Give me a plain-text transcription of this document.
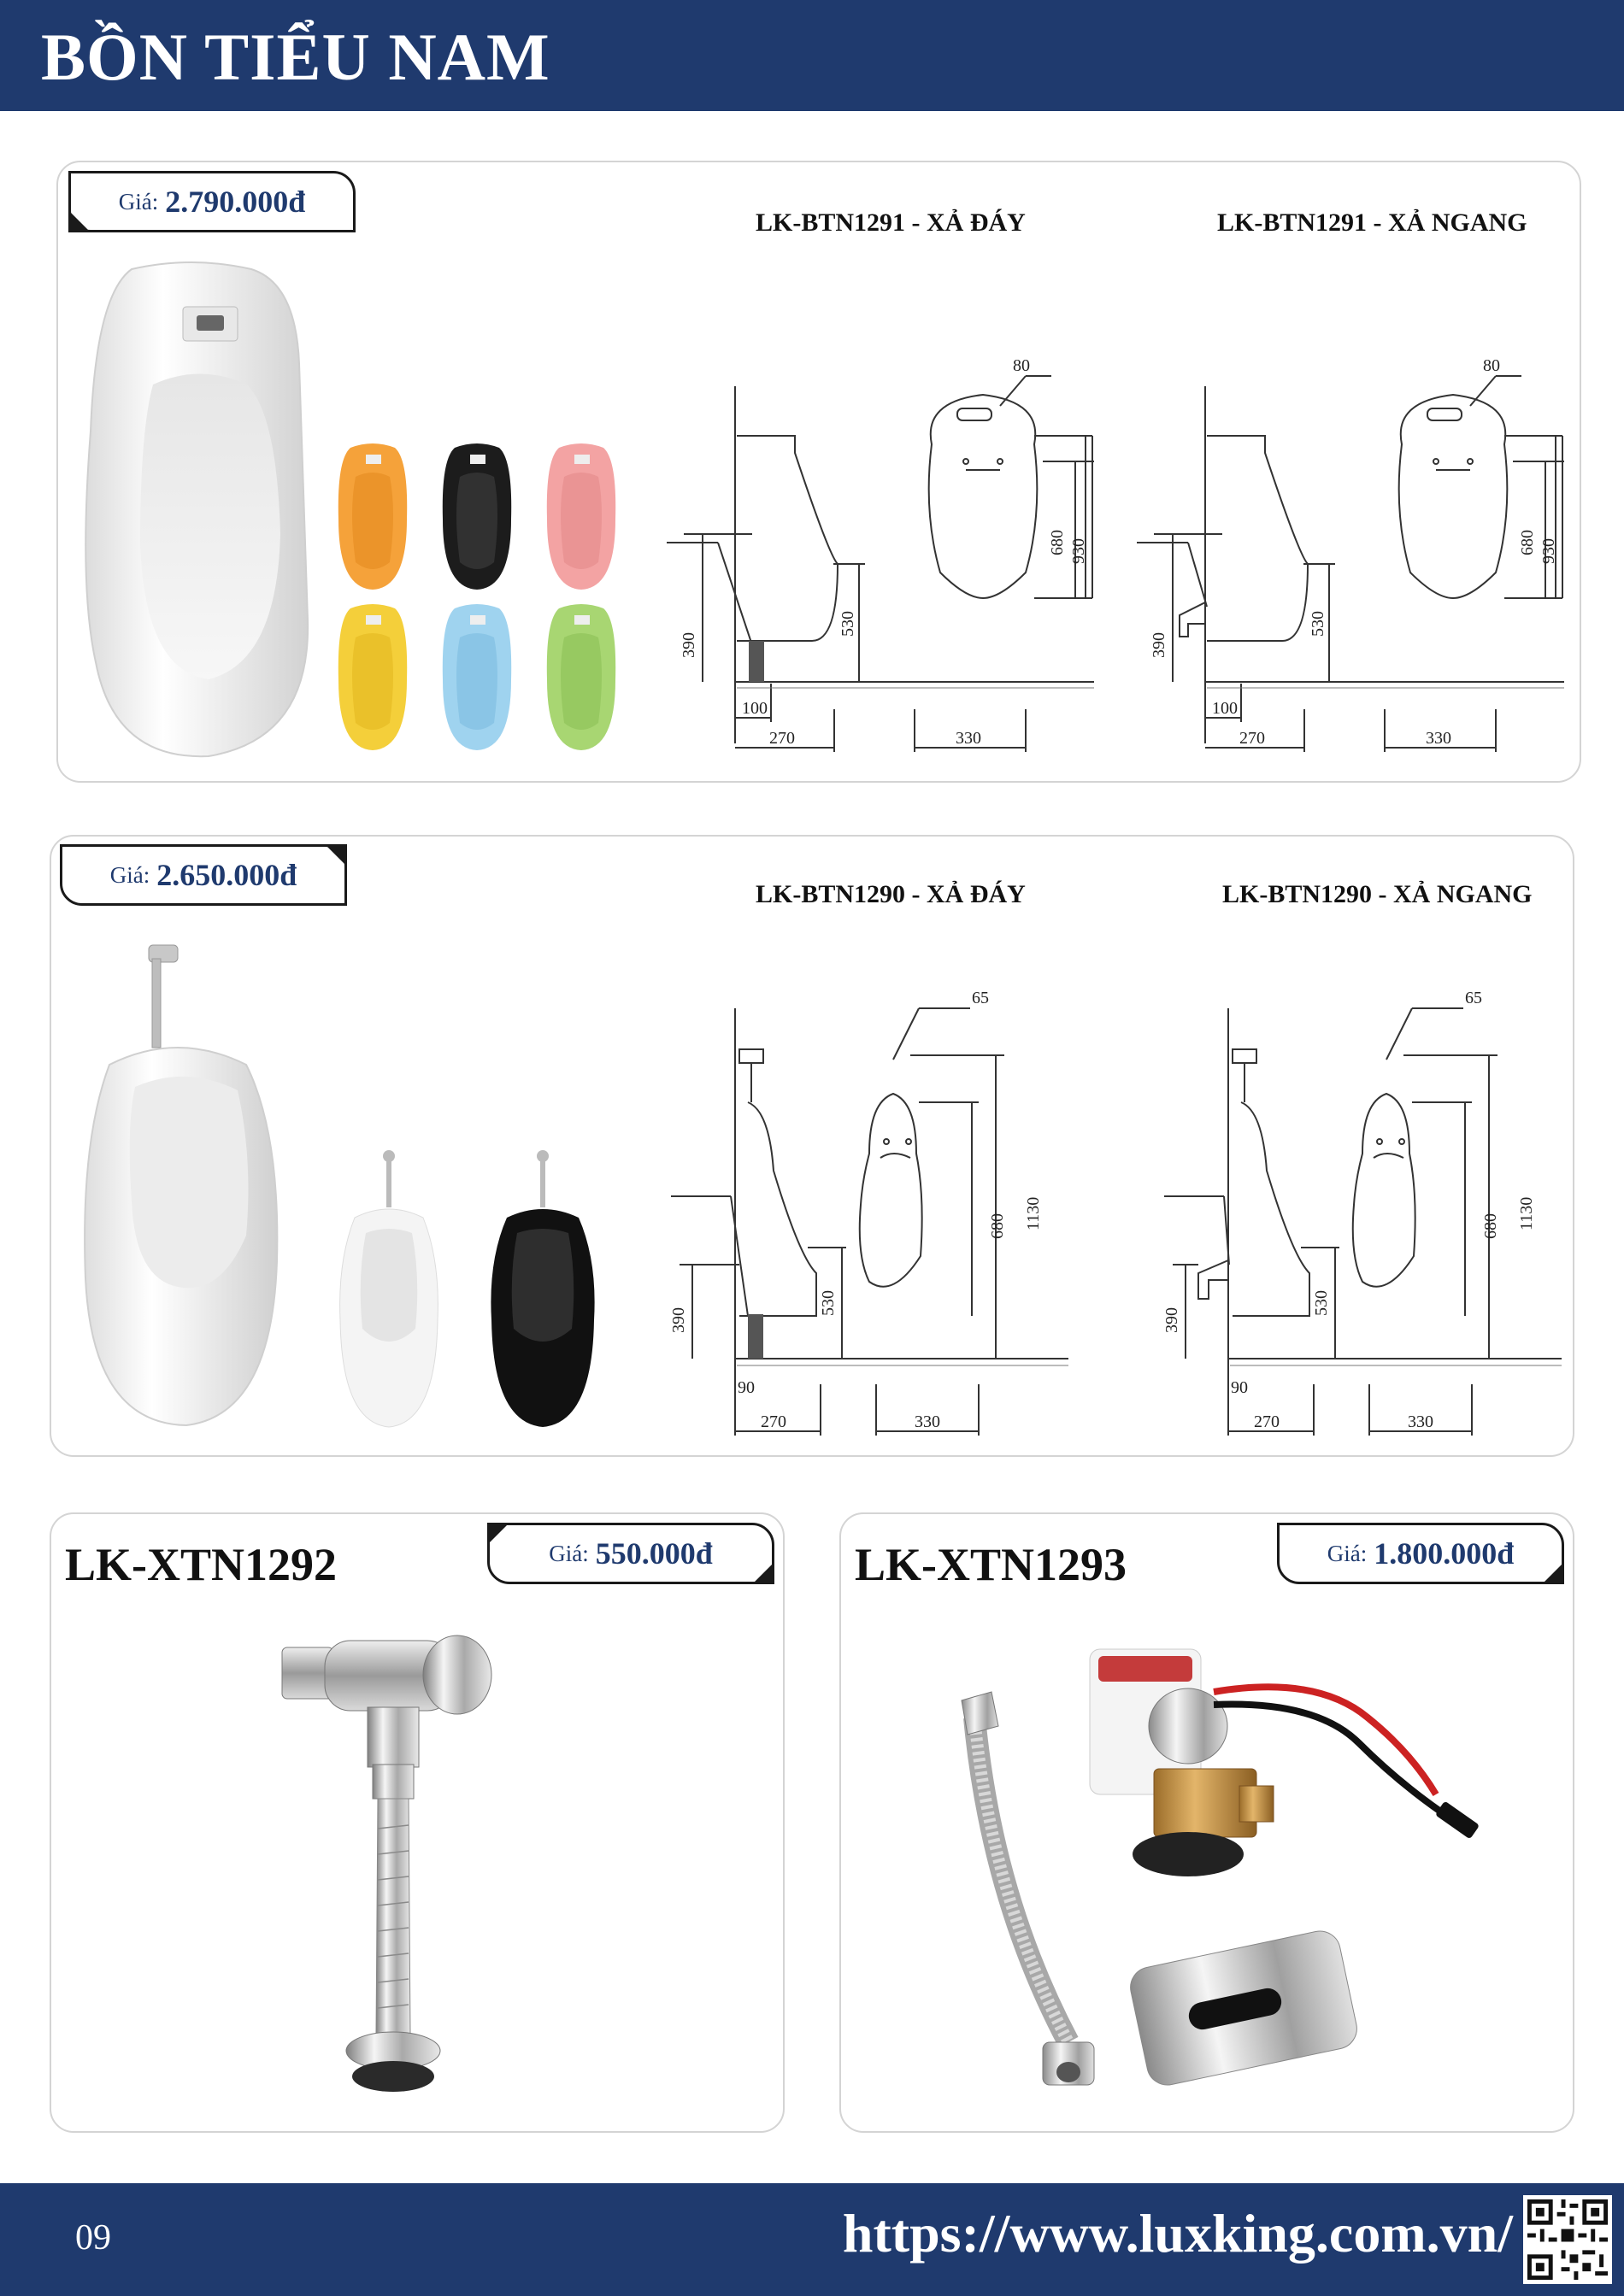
BỒN TIỂU NAM
Giá: 2.790.000đ
LK-BTN1291 - XẢ ĐÁY	LK-BTN1291 - XẢ NGANG
80
680 930
530
390
100
270	330
80
680 930
530
390
100
270	330
Giá: 2.650.000đ
LK-BTN1290 - XẢ ĐÁY	LK-BTN1290 - XẢ NGANG
65
680 1130
530
390
90
270	330
65
680 1130
530
390
90
270	330
LK-XTN1292	Giá: 550.000đ	LK-XTN1293	Giá: 1.800.000đ
09	https://www.luxking.com.vn/
